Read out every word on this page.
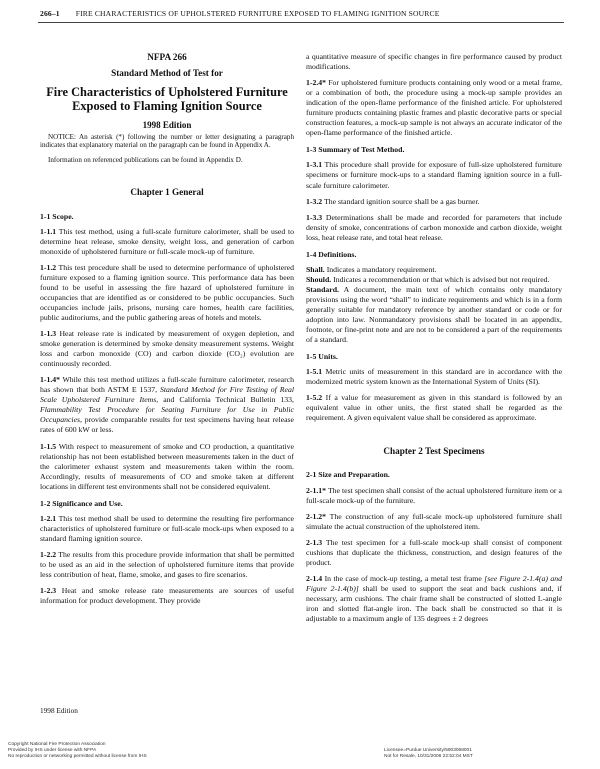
266–1 FIRE CHARACTERISTICS OF UPHOLSTERED FURNITURE EXPOSED TO FLAMING IGNITION SOURCE
NFPA 266
Standard Method of Test for
Fire Characteristics of Upholstered Furniture Exposed to Flaming Ignition Source
1998 Edition

NOTICE: An asterisk (*) following the number or letter designating a paragraph indicates that explanatory material on the paragraph can be found in Appendix A.

Information on referenced publications can be found in Appendix D.

Chapter 1 General
1-1 Scope.

1-1.1 This test method, using a full-scale furniture calorimeter, shall be used to determine heat release, smoke density, weight loss, and generation of carbon monoxide of upholstered furniture or full-scale mock-up of furniture.

1-1.2 This test procedure shall be used to determine performance of upholstered furniture exposed to a flaming ignition source. This performance data has been found to be useful in assessing the fire hazard of upholstered furniture in occupancies that are identified as or considered to be public occupancies. Such occupancies include jails, prisons, nursing care homes, health care facilities, public auditoriums, and the public gathering areas of hotels and motels.

1-1.3 Heat release rate is indicated by measurement of oxygen depletion, and smoke generation is determined by smoke density measurement systems. Weight loss and carbon monoxide (CO) and carbon dioxide (CO₂) evolution are continuously recorded.

1-1.4* While this test method utilizes a full-scale furniture calorimeter, research has shown that both ASTM E 1537, Standard Method for Fire Testing of Real Scale Upholstered Furniture Items, and California Technical Bulletin 133, Flammability Test Procedure for Seating Furniture for Use in Public Occupancies, provide comparable results for test specimens having heat release rates of 600 kW or less.

1-1.5 With respect to measurement of smoke and CO production, a quantitative relationship has not been established between measurements taken in the duct of the calorimeter exhaust system and measurements taken within the room. Accordingly, results of measurements of CO and smoke taken at different locations in different test environments shall not be considered equivalent.

1-2 Significance and Use.

1-2.1 This test method shall be used to determine the resulting fire performance characteristics of upholstered furniture or full-scale mock-ups when exposed to a standard flaming ignition source.

1-2.2 The results from this procedure provide information that shall be permitted to be used as an aid in the selection of upholstered furniture items that provide less contribution of heat, flame, smoke, and gases to fire scenarios.

1-2.3 Heat and smoke release rate measurements are sources of useful information for product development. They provide

a quantitative measure of specific changes in fire performance caused by product modifications.

1-2.4* For upholstered furniture products containing only wood or a metal frame, or a combination of both, the procedure using a mock-up sample provides an indication of the open-flame performance of the finished article. For upholstered furniture products containing plastic frames and plastic decorative parts or special construction features, a mock-up sample is not always an accurate indicator of the open-flame performance of the finished article.

1-3 Summary of Test Method.

1-3.1 This procedure shall provide for exposure of full-size upholstered furniture specimens or furniture mock-ups to a standard flaming ignition source in a full-scale furniture calorimeter.

1-3.2 The standard ignition source shall be a gas burner.

1-3.3 Determinations shall be made and recorded for parameters that include density of smoke, concentrations of carbon monoxide and carbon dioxide, weight loss, heat release rate, and total heat release.

1-4 Definitions.

Shall. Indicates a mandatory requirement.

Should. Indicates a recommendation or that which is advised but not required.

Standard. A document, the main text of which contains only mandatory provisions using the word “shall” to indicate requirements and which is in a form generally suitable for mandatory reference by another standard or code or for adoption into law. Nonmandatory provisions shall be located in an appendix, footnote, or fine-print note and are not to be considered a part of the requirements of a standard.

1-5 Units.

1-5.1 Metric units of measurement in this standard are in accordance with the modernized metric system known as the International System of Units (SI).

1-5.2 If a value for measurement as given in this standard is followed by an equivalent value in other units, the first stated shall be regarded as the requirement. A given equivalent value shall be considered as approximate.

Chapter 2 Test Specimens
2-1 Size and Preparation.

2-1.1* The test specimen shall consist of the actual upholstered furniture item or a full-scale mock-up of the furniture.

2-1.2* The construction of any full-scale mock-up upholstered furniture shall simulate the actual construction of the upholstered item.

2-1.3 The test specimen for a full-scale mock-up shall consist of component cushions that duplicate the thickness, construction, and design features of the product.

2-1.4 In the case of mock-up testing, a metal test frame [see Figure 2-1.4(a) and Figure 2-1.4(b)] shall be used to support the seat and back cushions and, if necessary, arm cushions. The chair frame shall be constructed of slotted L-angle iron and slotted flat-angle iron. The back shall be constructed so that it is adjustable to a maximum angle of 135 degrees ± 2 degrees

1998 Edition
Copyright National Fire Protection Association
Provided by IHS under license with NFPA
No reproduction or networking permitted without license from IHS
Licensee=Purdue University/5903068001
Not for Resale, 10/31/2006 22:52:04 MST
